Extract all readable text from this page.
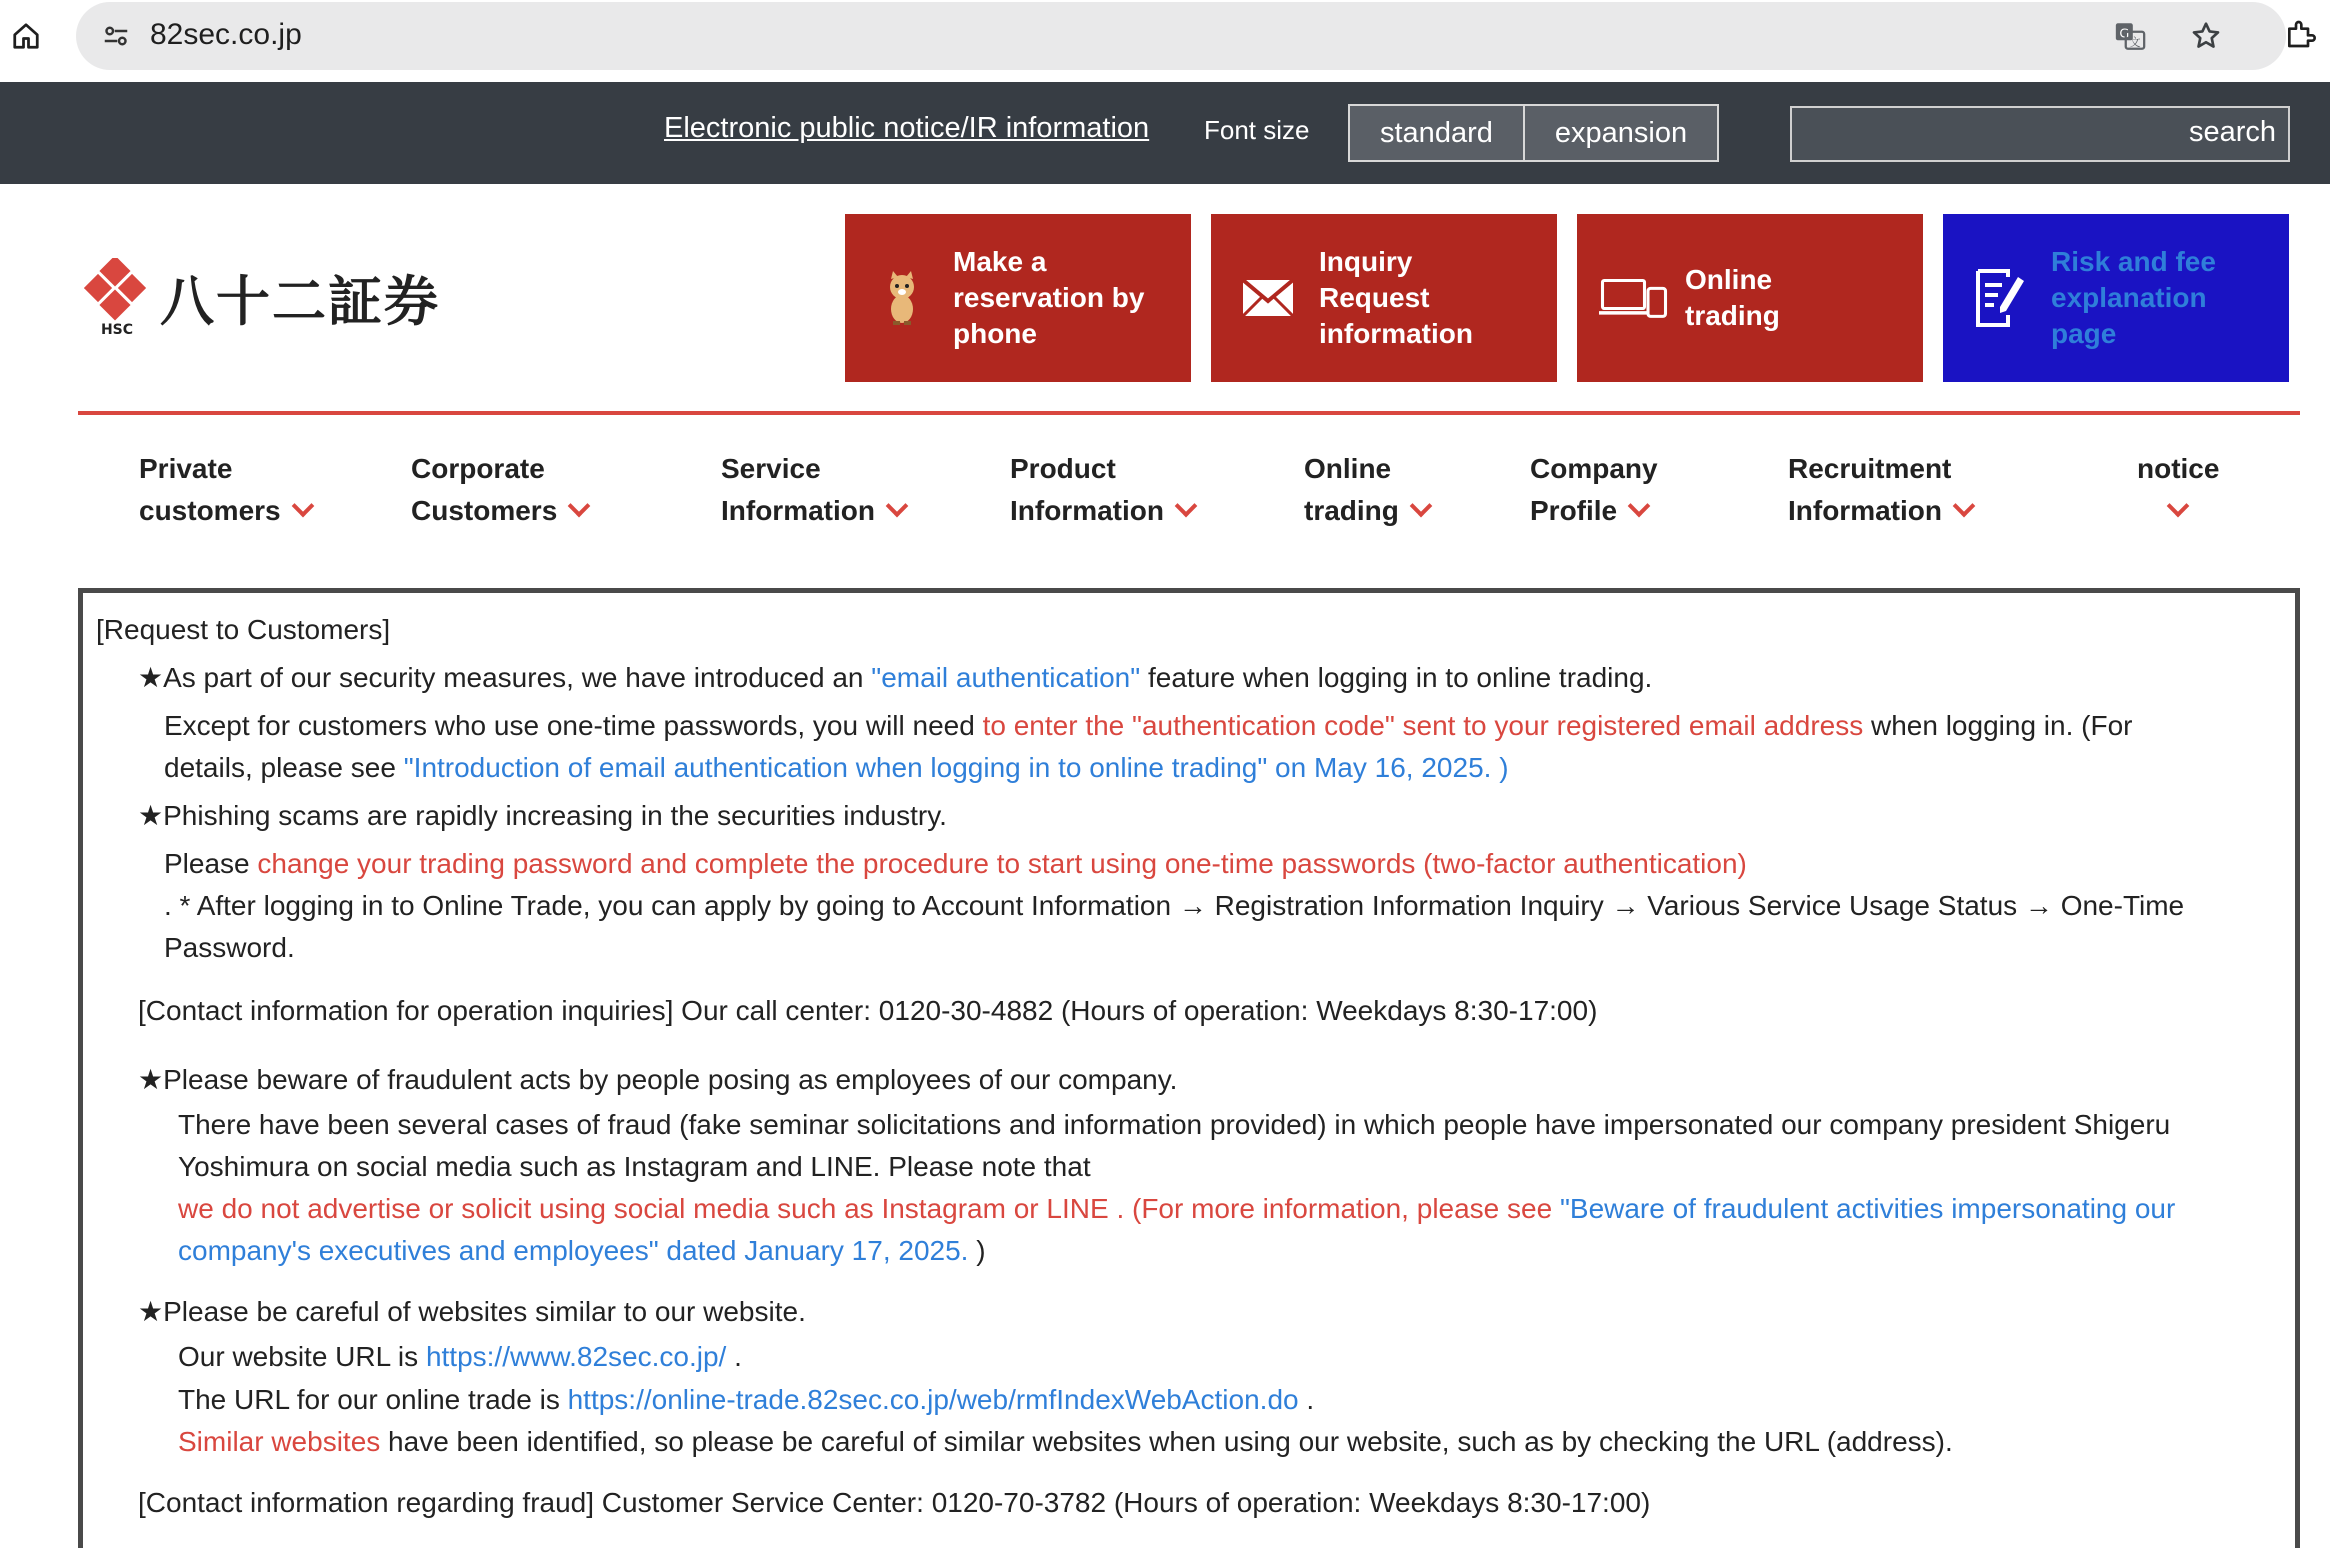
82sec.co.jp	G
文
Electronic public notice/IR information Font size	standard	expansion	search
HSC 八十二証券
Make a
reservation by
phone
Inquiry
Request
information
Online
trading
Risk and fee
explanation
page
Private
customers
Corporate
Customers
Service
Information
Product
Information
Online
trading
Company
Profile
Recruitment
Information
notice
[Request to Customers]
★As part of our security measures, we have introduced an "email authentication" feature when logging in to online trading.
Except for customers who use one-time passwords, you will need to enter the "authentication code" sent to your registered email address when logging in. (For
details, please see "Introduction of email authentication when logging in to online trading" on May 16, 2025. )
★Phishing scams are rapidly increasing in the securities industry.
Please change your trading password and complete the procedure to start using one-time passwords (two-factor authentication)
. * After logging in to Online Trade, you can apply by going to Account Information → Registration Information Inquiry → Various Service Usage Status → One-Time
Password.
[Contact information for operation inquiries] Our call center: 0120-30-4882 (Hours of operation: Weekdays 8:30-17:00)
★Please beware of fraudulent acts by people posing as employees of our company.
There have been several cases of fraud (fake seminar solicitations and information provided) in which people have impersonated our company president Shigeru
Yoshimura on social media such as Instagram and LINE. Please note that
we do not advertise or solicit using social media such as Instagram or LINE . (For more information, please see "Beware of fraudulent activities impersonating our
company's executives and employees" dated January 17, 2025. )
★Please be careful of websites similar to our website.
Our website URL is https://www.82sec.co.jp/ .
The URL for our online trade is https://online-trade.82sec.co.jp/web/rmfIndexWebAction.do .
Similar websites have been identified, so please be careful of similar websites when using our website, such as by checking the URL (address).
[Contact information regarding fraud] Customer Service Center: 0120-70-3782 (Hours of operation: Weekdays 8:30-17:00)
